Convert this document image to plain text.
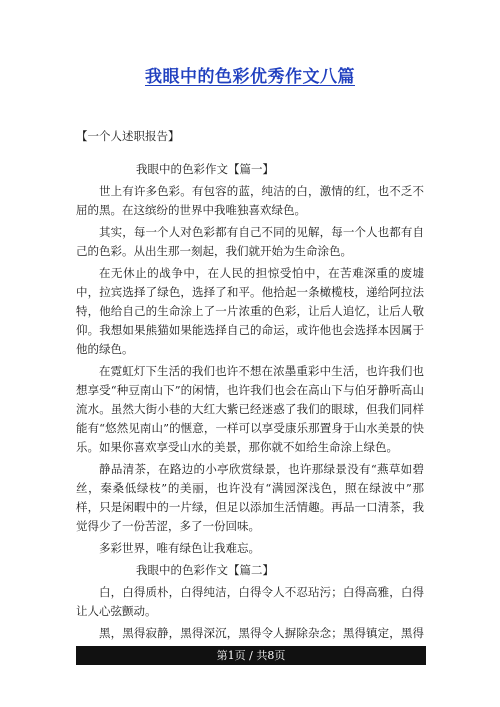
我眼中的色彩优秀作文八篇
【一个人述职报告】
我眼中的色彩作文【篇一】

世上有许多色彩。有包容的蓝，纯洁的白，激情的红，也不乏不屈的黑。在这缤纷的世界中我唯独喜欢绿色。

其实，每一个人对色彩都有自己不同的见解，每一个人也都有自己的色彩。从出生那一刻起，我们就开始为生命涂色。

在无休止的战争中，在人民的担惊受怕中，在苦难深重的废墟中，拉宾选择了绿色，选择了和平。他拾起一条橄榄枝，递给阿拉法特，他给自己的生命涂上了一片浓重的色彩，让后人追忆，让后人敬仰。我想如果熊猫如果能选择自己的命运，或许他也会选择本因属于他的绿色。

在霓虹灯下生活的我们也许不想在浓墨重彩中生活，也许我们也想享受“种豆南山下”的闲情，也许我们也会在高山下与伯牙静听高山流水。虽然大街小巷的大红大紫已经迷惑了我们的眼球，但我们同样能有“悠然见南山”的惬意，一样可以享受康乐那置身于山水美景的快乐。如果你喜欢享受山水的美景，那你就不如给生命涂上绿色。

静品清茶，在路边的小亭欣赏绿景，也许那绿景没有“燕草如碧丝，秦桑低绿枝”的美丽，也许没有“满园深浅色，照在绿波中”那样，只是闲暇中的一片绿，但足以添加生活情趣。再品一口清茶，我觉得少了一份苦涩，多了一份回味。

多彩世界，唯有绿色让我难忘。

我眼中的色彩作文【篇二】

白，白得质朴，白得纯洁，白得令人不忍玷污；白得高雅，白得让人心弦颤动。

黑，黑得寂静，黑得深沉，黑得令人摒除杂念；黑得镇定，黑得

第1页 / 共8页
